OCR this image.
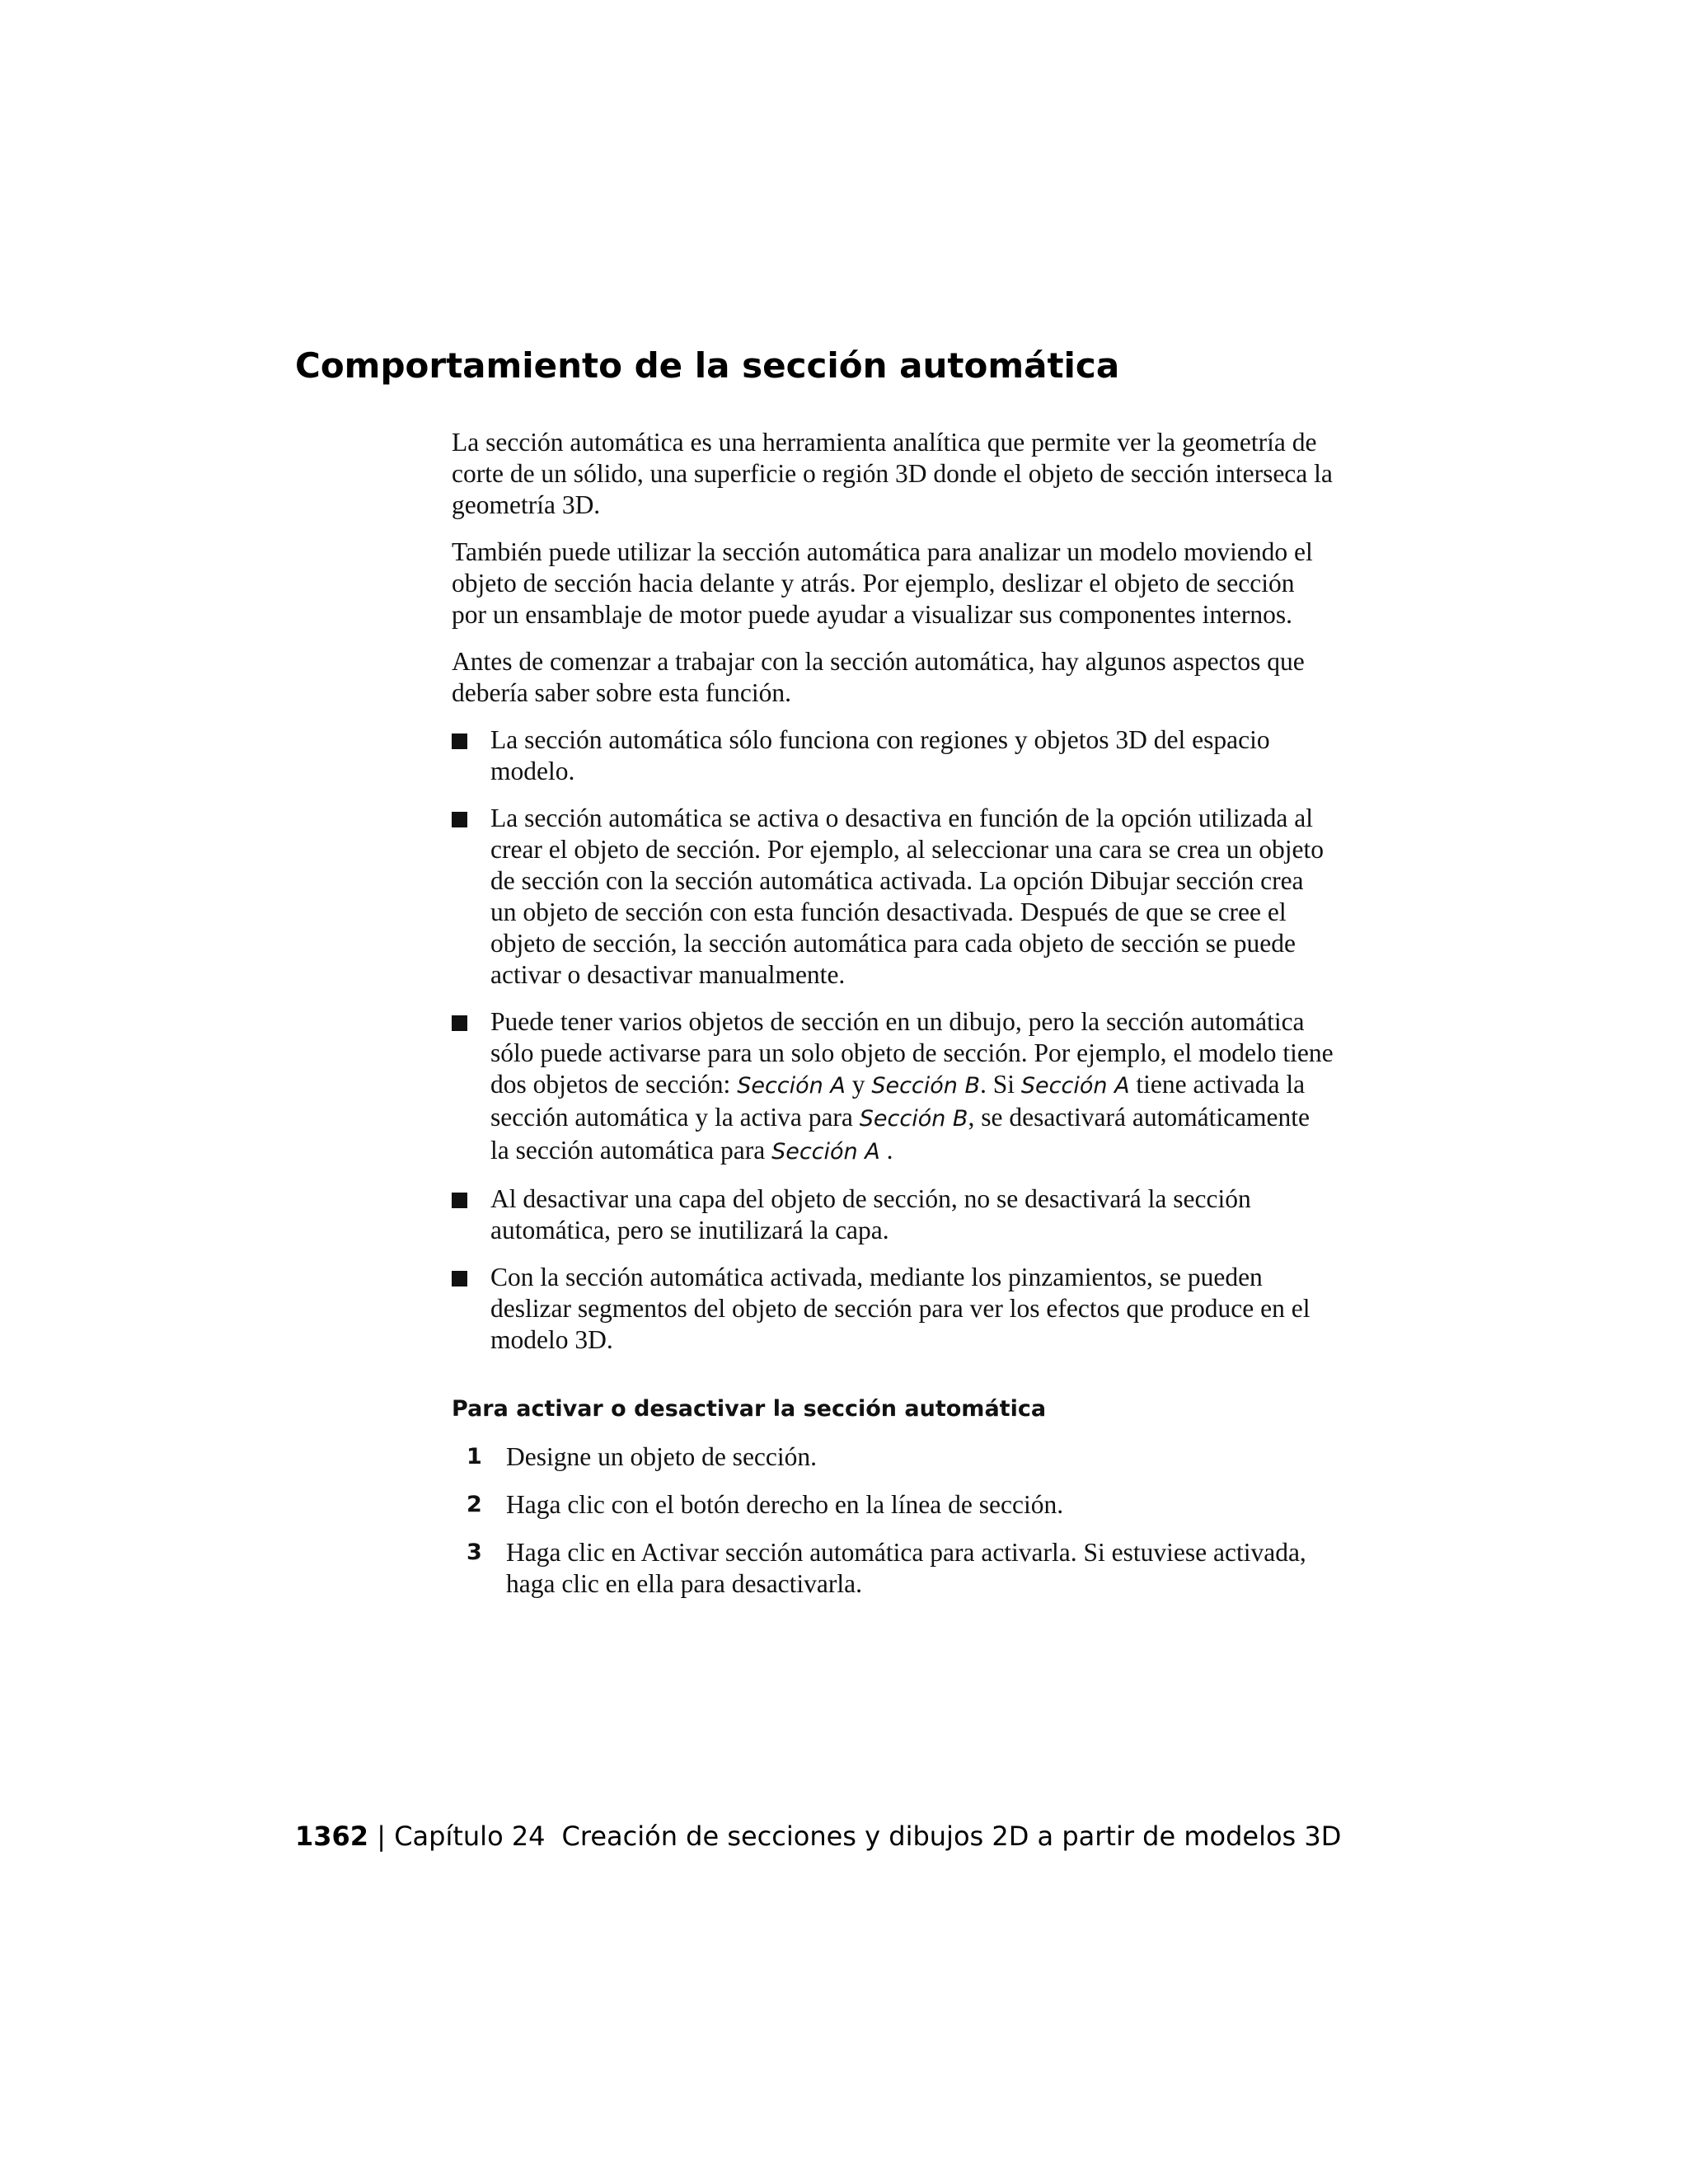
Comportamiento de la sección automática

La sección automática es una herramienta analítica que permite ver la geometría de corte de un sólido, una superficie o región 3D donde el objeto de sección interseca la geometría 3D.

También puede utilizar la sección automática para analizar un modelo moviendo el objeto de sección hacia delante y atrás. Por ejemplo, deslizar el objeto de sección por un ensamblaje de motor puede ayudar a visualizar sus componentes internos.

Antes de comenzar a trabajar con la sección automática, hay algunos aspectos que debería saber sobre esta función.

La sección automática sólo funciona con regiones y objetos 3D del espacio modelo.
La sección automática se activa o desactiva en función de la opción utilizada al crear el objeto de sección. Por ejemplo, al seleccionar una cara se crea un objeto de sección con la sección automática activada. La opción Dibujar sección crea un objeto de sección con esta función desactivada. Después de que se cree el objeto de sección, la sección automática para cada objeto de sección se puede activar o desactivar manualmente.
Puede tener varios objetos de sección en un dibujo, pero la sección automática sólo puede activarse para un solo objeto de sección. Por ejemplo, el modelo tiene dos objetos de sección: Sección A y Sección B. Si Sección A tiene activada la sección automática y la activa para Sección B, se desactivará automáticamente la sección automática para Sección A .
Al desactivar una capa del objeto de sección, no se desactivará la sección automática, pero se inutilizará la capa.
Con la sección automática activada, mediante los pinzamientos, se pueden deslizar segmentos del objeto de sección para ver los efectos que produce en el modelo 3D.
Para activar o desactivar la sección automática
1 Designe un objeto de sección.
2 Haga clic con el botón derecho en la línea de sección.
3 Haga clic en Activar sección automática para activarla. Si estuviese activada, haga clic en ella para desactivarla.
1362 | Capítulo 24 Creación de secciones y dibujos 2D a partir de modelos 3D
